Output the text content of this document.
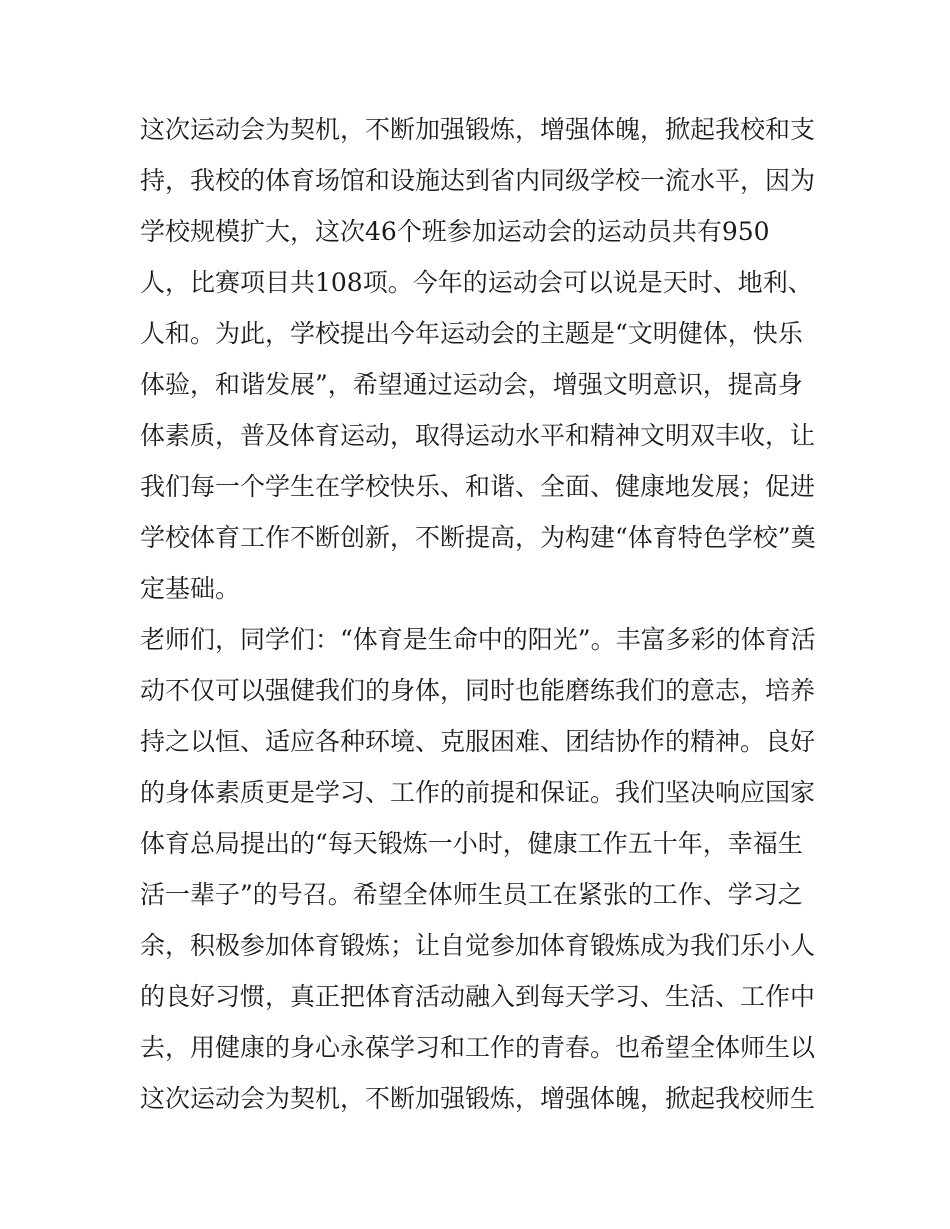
这次运动会为契机，不断加强锻炼，增强体魄，掀起我校和支
持，我校的体育场馆和设施达到省内同级学校一流水平，因为
学校规模扩大，这次46个班参加运动会的运动员共有950
人，比赛项目共108项。今年的运动会可以说是天时、地利、
人和。为此，学校提出今年运动会的主题是“文明健体，快乐
体验，和谐发展”，希望通过运动会，增强文明意识，提高身
体素质，普及体育运动，取得运动水平和精神文明双丰收，让
我们每一个学生在学校快乐、和谐、全面、健康地发展；促进
学校体育工作不断创新，不断提高，为构建“体育特色学校”奠
定基础。
老师们，同学们：“体育是生命中的阳光”。丰富多彩的体育活
动不仅可以强健我们的身体，同时也能磨练我们的意志，培养
持之以恒、适应各种环境、克服困难、团结协作的精神。良好
的身体素质更是学习、工作的前提和保证。我们坚决响应国家
体育总局提出的“每天锻炼一小时，健康工作五十年，幸福生
活一辈子”的号召。希望全体师生员工在紧张的工作、学习之
余，积极参加体育锻炼；让自觉参加体育锻炼成为我们乐小人
的良好习惯，真正把体育活动融入到每天学习、生活、工作中
去，用健康的身心永葆学习和工作的青春。也希望全体师生以
这次运动会为契机，不断加强锻炼，增强体魄，掀起我校师生
